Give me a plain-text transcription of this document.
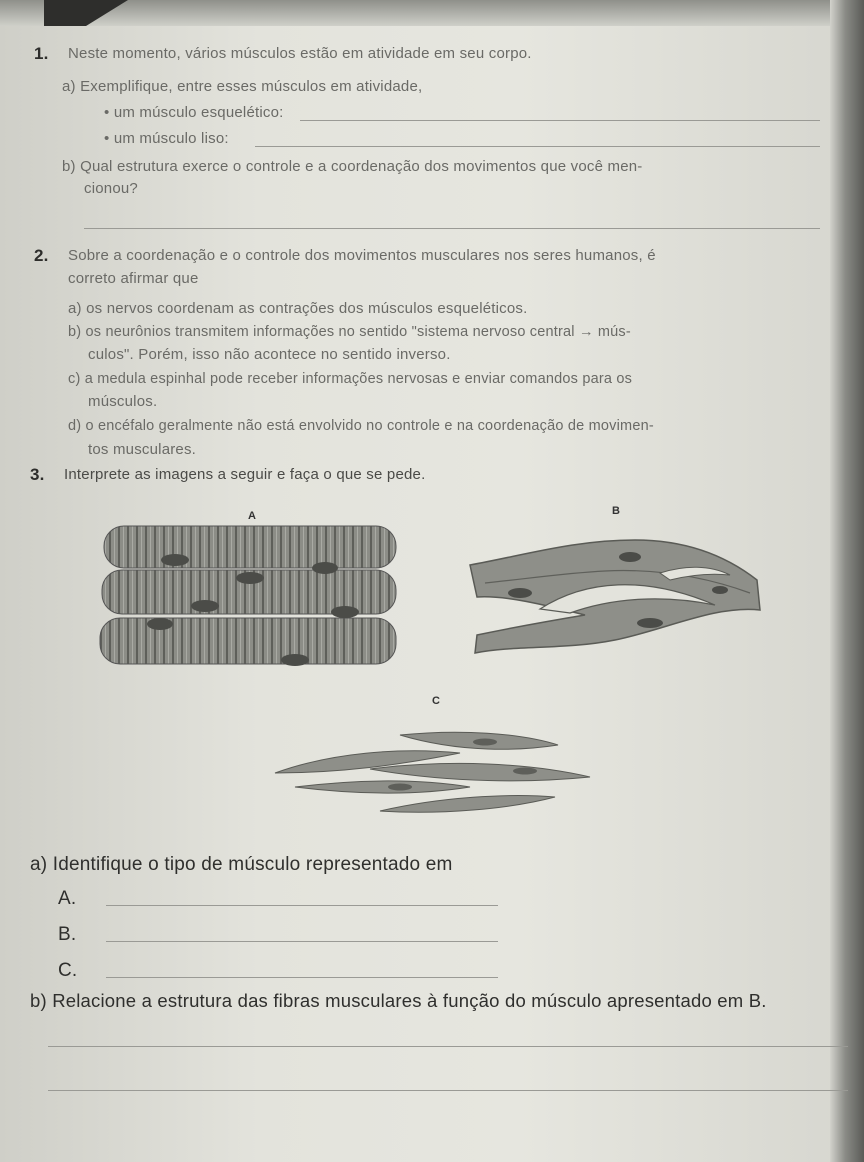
1. Neste momento, vários músculos estão em atividade em seu corpo.
a) Exemplifique, entre esses músculos em atividade,
• um músculo esquelético:
• um músculo liso:
b) Qual estrutura exerce o controle e a coordenação dos movimentos que você men-
cionou?
2. Sobre a coordenação e o controle dos movimentos musculares nos seres humanos, é
correto afirmar que
a) os nervos coordenam as contrações dos músculos esqueléticos.
b) os neurônios transmitem informações no sentido "sistema nervoso central → mús-
culos". Porém, isso não acontece no sentido inverso.
c) a medula espinhal pode receber informações nervosas e enviar comandos para os
músculos.
d) o encéfalo geralmente não está envolvido no controle e na coordenação de movimen-
tos musculares.
3. Interprete as imagens a seguir e faça o que se pede.
A	B
C
a) Identifique o tipo de músculo representado em
A.
B.
C.
b) Relacione a estrutura das fibras musculares à função do músculo apresentado em B.
